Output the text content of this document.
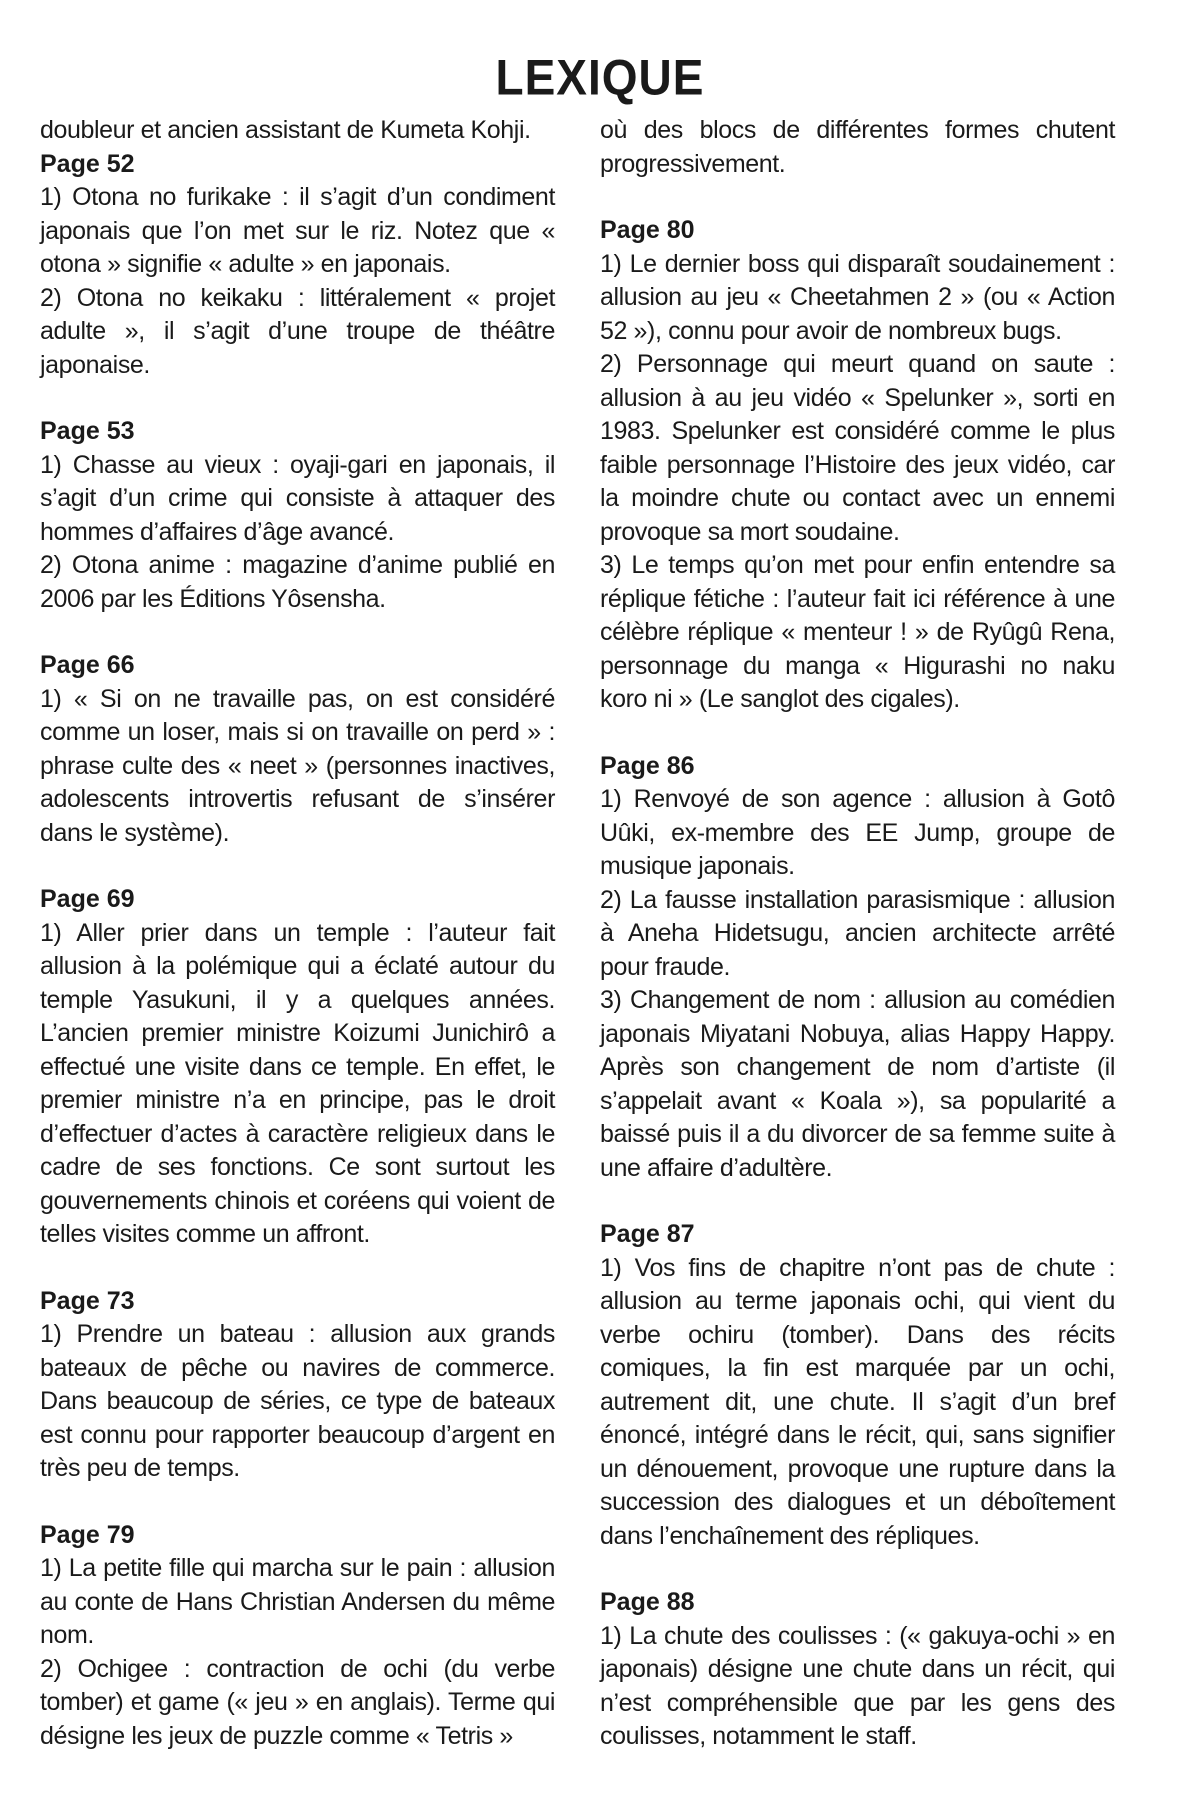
LEXIQUE

doubleur et ancien assistant de Kumeta Kohji.

Page 52

1) Otona no furikake : il s’agit d’un condiment japonais que l’on met sur le riz. Notez que « otona » signifie « adulte » en japonais.

2) Otona no keikaku : littéralement « projet adulte », il s’agit d’une troupe de théâtre japonaise.

Page 53

1) Chasse au vieux : oyaji-gari en japonais, il s’agit d’un crime qui consiste à attaquer des hommes d’affaires d’âge avancé.

2) Otona anime : magazine d’anime publié en 2006 par les Éditions Yôsensha.

Page 66

1) « Si on ne travaille pas, on est considéré comme un loser, mais si on travaille on perd » : phrase culte des « neet » (personnes inactives, adolescents introvertis refusant de s’insérer dans le système).

Page 69

1) Aller prier dans un temple : l’auteur fait allusion à la polémique qui a éclaté autour du temple Yasukuni, il y a quelques années. L’ancien premier ministre Koizumi Junichirô a effectué une visite dans ce temple. En effet, le premier ministre n’a en principe, pas le droit d’effectuer d’actes à caractère religieux dans le cadre de ses fonctions. Ce sont surtout les gouvernements chinois et coréens qui voient de telles visites comme un affront.

Page 73

1) Prendre un bateau : allusion aux grands bateaux de pêche ou navires de commerce. Dans beaucoup de séries, ce type de bateaux est connu pour rapporter beaucoup d’argent en très peu de temps.

Page 79

1) La petite fille qui marcha sur le pain : allusion au conte de Hans Christian Andersen du même nom.

2) Ochigee : contraction de ochi (du verbe tomber) et game (« jeu » en anglais). Terme qui désigne les jeux de puzzle comme « Tetris »

où des blocs de différentes formes chutent progressivement.

Page 80

1) Le dernier boss qui disparaît soudainement : allusion au jeu « Cheetahmen 2 » (ou « Action 52 »), connu pour avoir de nombreux bugs.

2) Personnage qui meurt quand on saute : allusion à au jeu vidéo « Spelunker », sorti en 1983. Spelunker est considéré comme le plus faible personnage l’Histoire des jeux vidéo, car la moindre chute ou contact avec un ennemi provoque sa mort soudaine.

3) Le temps qu’on met pour enfin entendre sa réplique fétiche : l’auteur fait ici référence à une célèbre réplique « menteur ! » de Ryûgû Rena, personnage du manga « Higurashi no naku koro ni » (Le sanglot des cigales).

Page 86

1) Renvoyé de son agence : allusion à Gotô Uûki, ex-membre des EE Jump, groupe de musique japonais.

2) La fausse installation parasismique : allusion à Aneha Hidetsugu, ancien architecte arrêté pour fraude.

3) Changement de nom : allusion au comédien japonais Miyatani Nobuya, alias Happy Happy. Après son changement de nom d’artiste (il s’appelait avant « Koala »), sa popularité a baissé puis il a du divorcer de sa femme suite à une affaire d’adultère.

Page 87

1) Vos fins de chapitre n’ont pas de chute : allusion au terme japonais ochi, qui vient du verbe ochiru (tomber). Dans des récits comiques, la fin est marquée par un ochi, autrement dit, une chute. Il s’agit d’un bref énoncé, intégré dans le récit, qui, sans signifier un dénouement, provoque une rupture dans la succession des dialogues et un déboîtement dans l’enchaînement des répliques.

Page 88

1) La chute des coulisses : (« gakuya-ochi » en japonais) désigne une chute dans un récit, qui n’est compréhensible que par les gens des coulisses, notamment le staff.
